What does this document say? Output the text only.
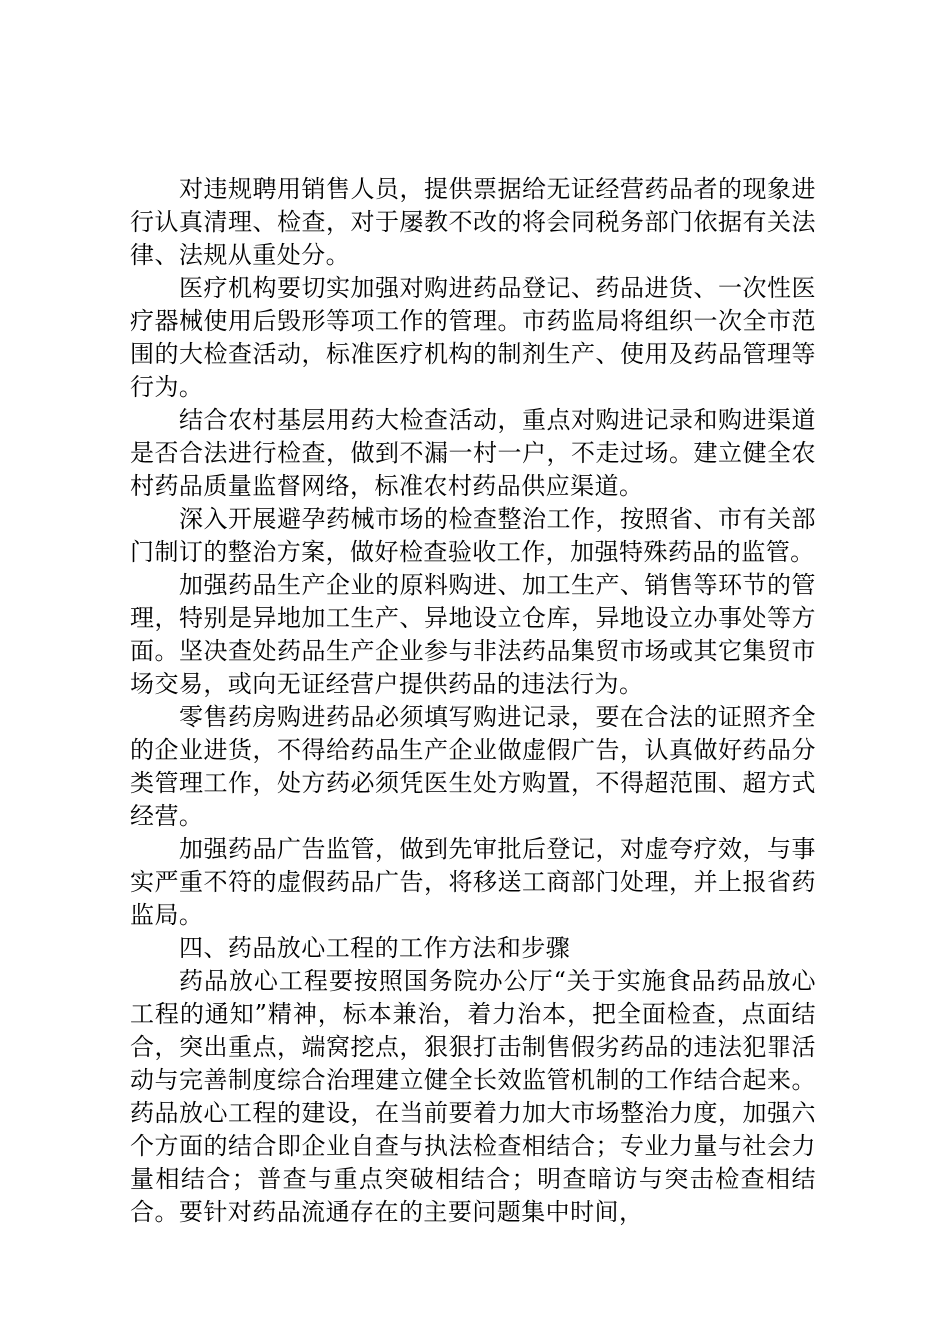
对违规聘用销售人员，提供票据给无证经营药品者的现象进行认真清理、检查，对于屡教不改的将会同税务部门依据有关法律、法规从重处分。

医疗机构要切实加强对购进药品登记、药品进货、一次性医疗器械使用后毁形等项工作的管理。市药监局将组织一次全市范围的大检查活动，标准医疗机构的制剂生产、使用及药品管理等行为。

结合农村基层用药大检查活动，重点对购进记录和购进渠道是否合法进行检查，做到不漏一村一户，不走过场。建立健全农村药品质量监督网络，标准农村药品供应渠道。

深入开展避孕药械市场的检查整治工作，按照省、市有关部门制订的整治方案，做好检查验收工作，加强特殊药品的监管。

加强药品生产企业的原料购进、加工生产、销售等环节的管理，特别是异地加工生产、异地设立仓库，异地设立办事处等方面。坚决查处药品生产企业参与非法药品集贸市场或其它集贸市场交易，或向无证经营户提供药品的违法行为。

零售药房购进药品必须填写购进记录，要在合法的证照齐全的企业进货，不得给药品生产企业做虚假广告，认真做好药品分类管理工作，处方药必须凭医生处方购置，不得超范围、超方式经营。

加强药品广告监管，做到先审批后登记，对虚夸疗效，与事实严重不符的虚假药品广告，将移送工商部门处理，并上报省药监局。

四、药品放心工程的工作方法和步骤

药品放心工程要按照国务院办公厅“关于实施食品药品放心工程的通知”精神，标本兼治，着力治本，把全面检查，点面结合，突出重点，端窝挖点，狠狠打击制售假劣药品的违法犯罪活动与完善制度综合治理建立健全长效监管机制的工作结合起来。药品放心工程的建设，在当前要着力加大市场整治力度，加强六个方面的结合即企业自查与执法检查相结合；专业力量与社会力量相结合；普查与重点突破相结合；明查暗访与突击检查相结合。要针对药品流通存在的主要问题集中时间，
